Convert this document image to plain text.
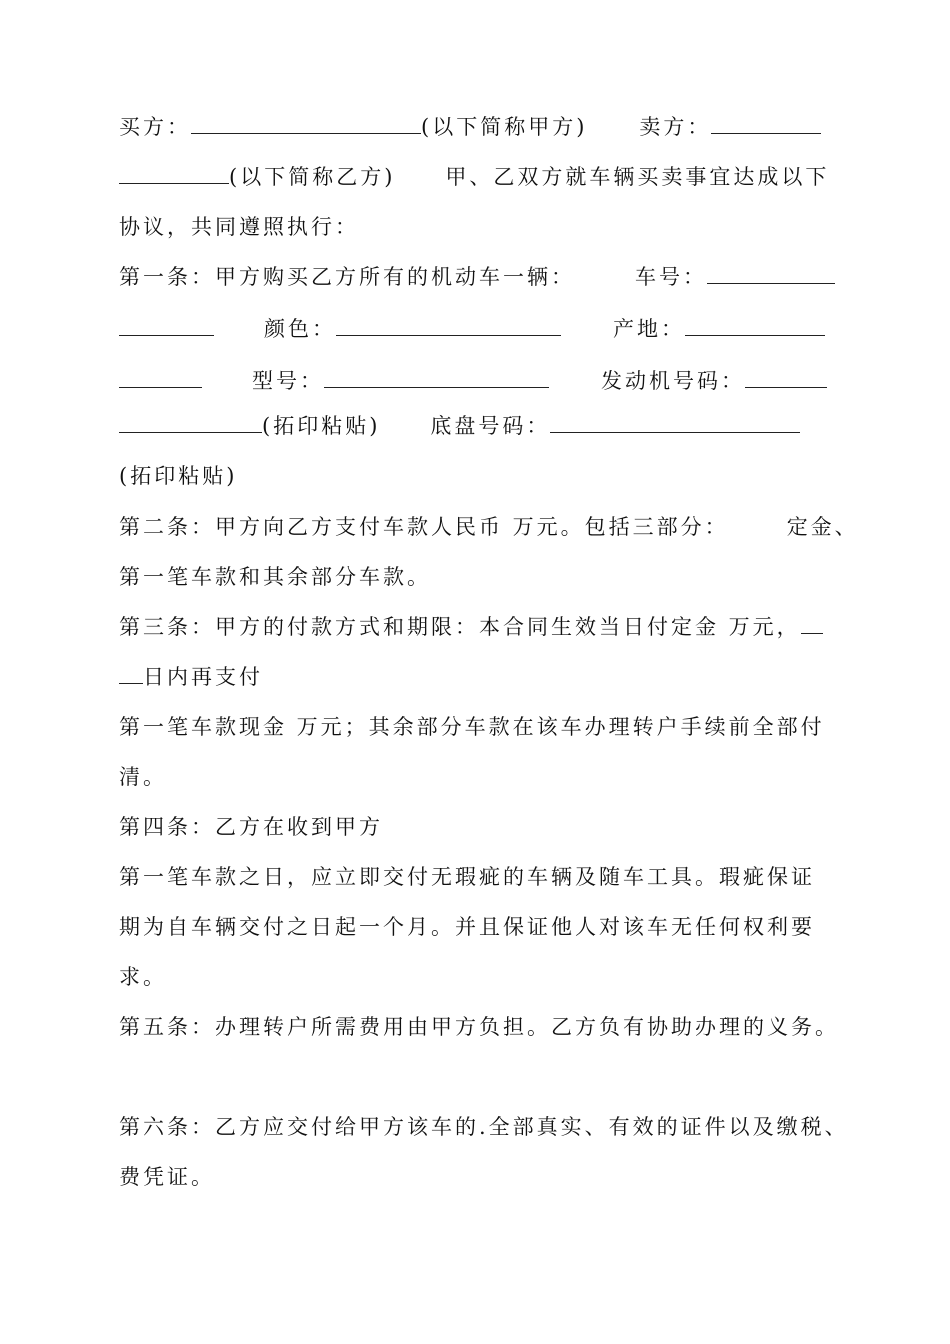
买方：	(以下简称甲方) 卖方：
(以下简称乙方) 甲、乙双方就车辆买卖事宜达成以下
协议，共同遵照执行：
第一条：甲方购买乙方所有的机动车一辆：	车号：
颜色：	产地：
型号：	发动机号码：
(拓印粘贴) 底盘号码：
(拓印粘贴)
第二条：甲方向乙方支付车款人民币 万元。包括三部分：	定金、
第一笔车款和其余部分车款。
第三条：甲方的付款方式和期限：本合同生效当日付定金 万元，
日内再支付
第一笔车款现金 万元；其余部分车款在该车办理转户手续前全部付
清。
第四条：乙方在收到甲方
第一笔车款之日，应立即交付无瑕疵的车辆及随车工具。瑕疵保证
期为自车辆交付之日起一个月。并且保证他人对该车无任何权利要
求。
第五条：办理转户所需费用由甲方负担。乙方负有协助办理的义务。
第六条：乙方应交付给甲方该车的.全部真实、有效的证件以及缴税、
费凭证。
